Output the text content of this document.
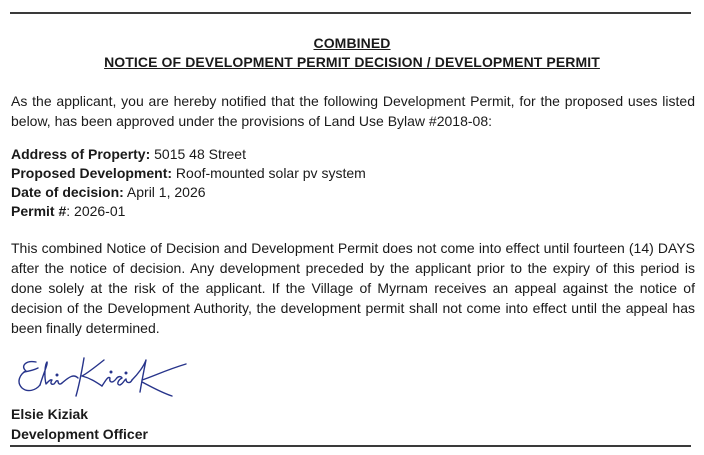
COMBINED
NOTICE OF DEVELOPMENT PERMIT DECISION / DEVELOPMENT PERMIT
As the applicant, you are hereby notified that the following Development Permit, for the proposed uses listed below, has been approved under the provisions of Land Use Bylaw #2018-08:
Address of Property: 5015 48 Street
Proposed Development: Roof-mounted solar pv system
Date of decision: April 1, 2026
Permit #: 2026-01
This combined Notice of Decision and Development Permit does not come into effect until fourteen (14) DAYS after the notice of decision. Any development preceded by the applicant prior to the expiry of this period is done solely at the risk of the applicant. If the Village of Myrnam receives an appeal against the notice of decision of the Development Authority, the development permit shall not come into effect until the appeal has been finally determined.
Elsie Kiziak
Development Officer
